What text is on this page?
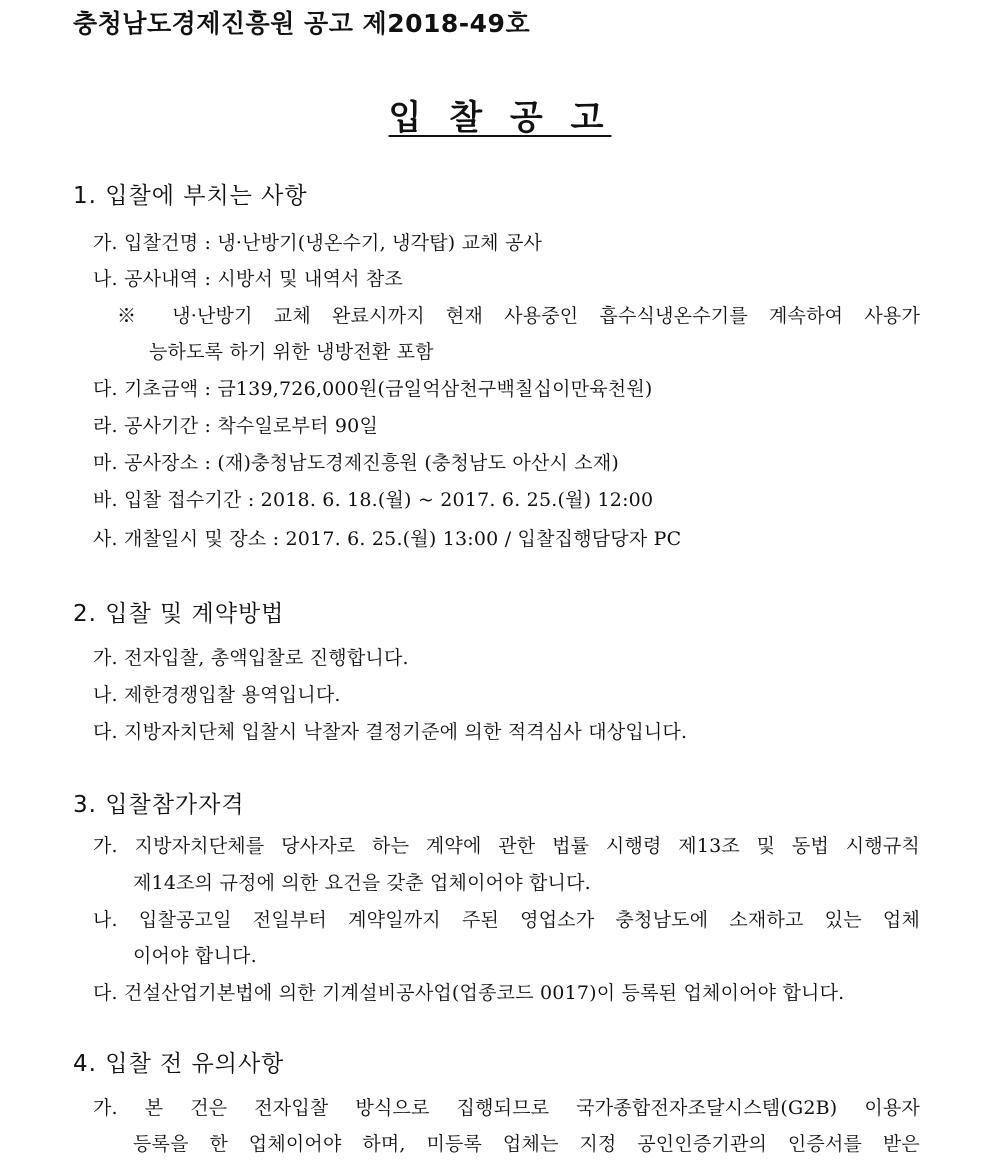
충청남도경제진흥원 공고 제2018-49호
입 찰 공 고
1. 입찰에 부치는 사항
가. 입찰건명 : 냉·난방기(냉온수기, 냉각탑) 교체 공사
나. 공사내역 : 시방서 및 내역서 참조
※ 냉·난방기 교체 완료시까지 현재 사용중인 흡수식냉온수기를 계속하여 사용가
능하도록 하기 위한 냉방전환 포함
다. 기초금액 : 금139,726,000원(금일억삼천구백칠십이만육천원)
라. 공사기간 : 착수일로부터 90일
마. 공사장소 : (재)충청남도경제진흥원 (충청남도 아산시 소재)
바. 입찰 접수기간 : 2018. 6. 18.(월) ~ 2017. 6. 25.(월) 12:00
사. 개찰일시 및 장소 : 2017. 6. 25.(월) 13:00 / 입찰집행담당자 PC
2. 입찰 및 계약방법
가. 전자입찰, 총액입찰로 진행합니다.
나. 제한경쟁입찰 용역입니다.
다. 지방자치단체 입찰시 낙찰자 결정기준에 의한 적격심사 대상입니다.
3. 입찰참가자격
가. 지방자치단체를 당사자로 하는 계약에 관한 법률 시행령 제13조 및 동법 시행규칙
제14조의 규정에 의한 요건을 갖춘 업체이어야 합니다.
나. 입찰공고일 전일부터 계약일까지 주된 영업소가 충청남도에 소재하고 있는 업체
이어야 합니다.
다. 건설산업기본법에 의한 기계설비공사업(업종코드 0017)이 등록된 업체이어야 합니다.
4. 입찰 전 유의사항
가. 본 건은 전자입찰 방식으로 집행되므로 국가종합전자조달시스템(G2B) 이용자
등록을 한 업체이어야 하며, 미등록 업체는 지정 공인인증기관의 인증서를 받은
